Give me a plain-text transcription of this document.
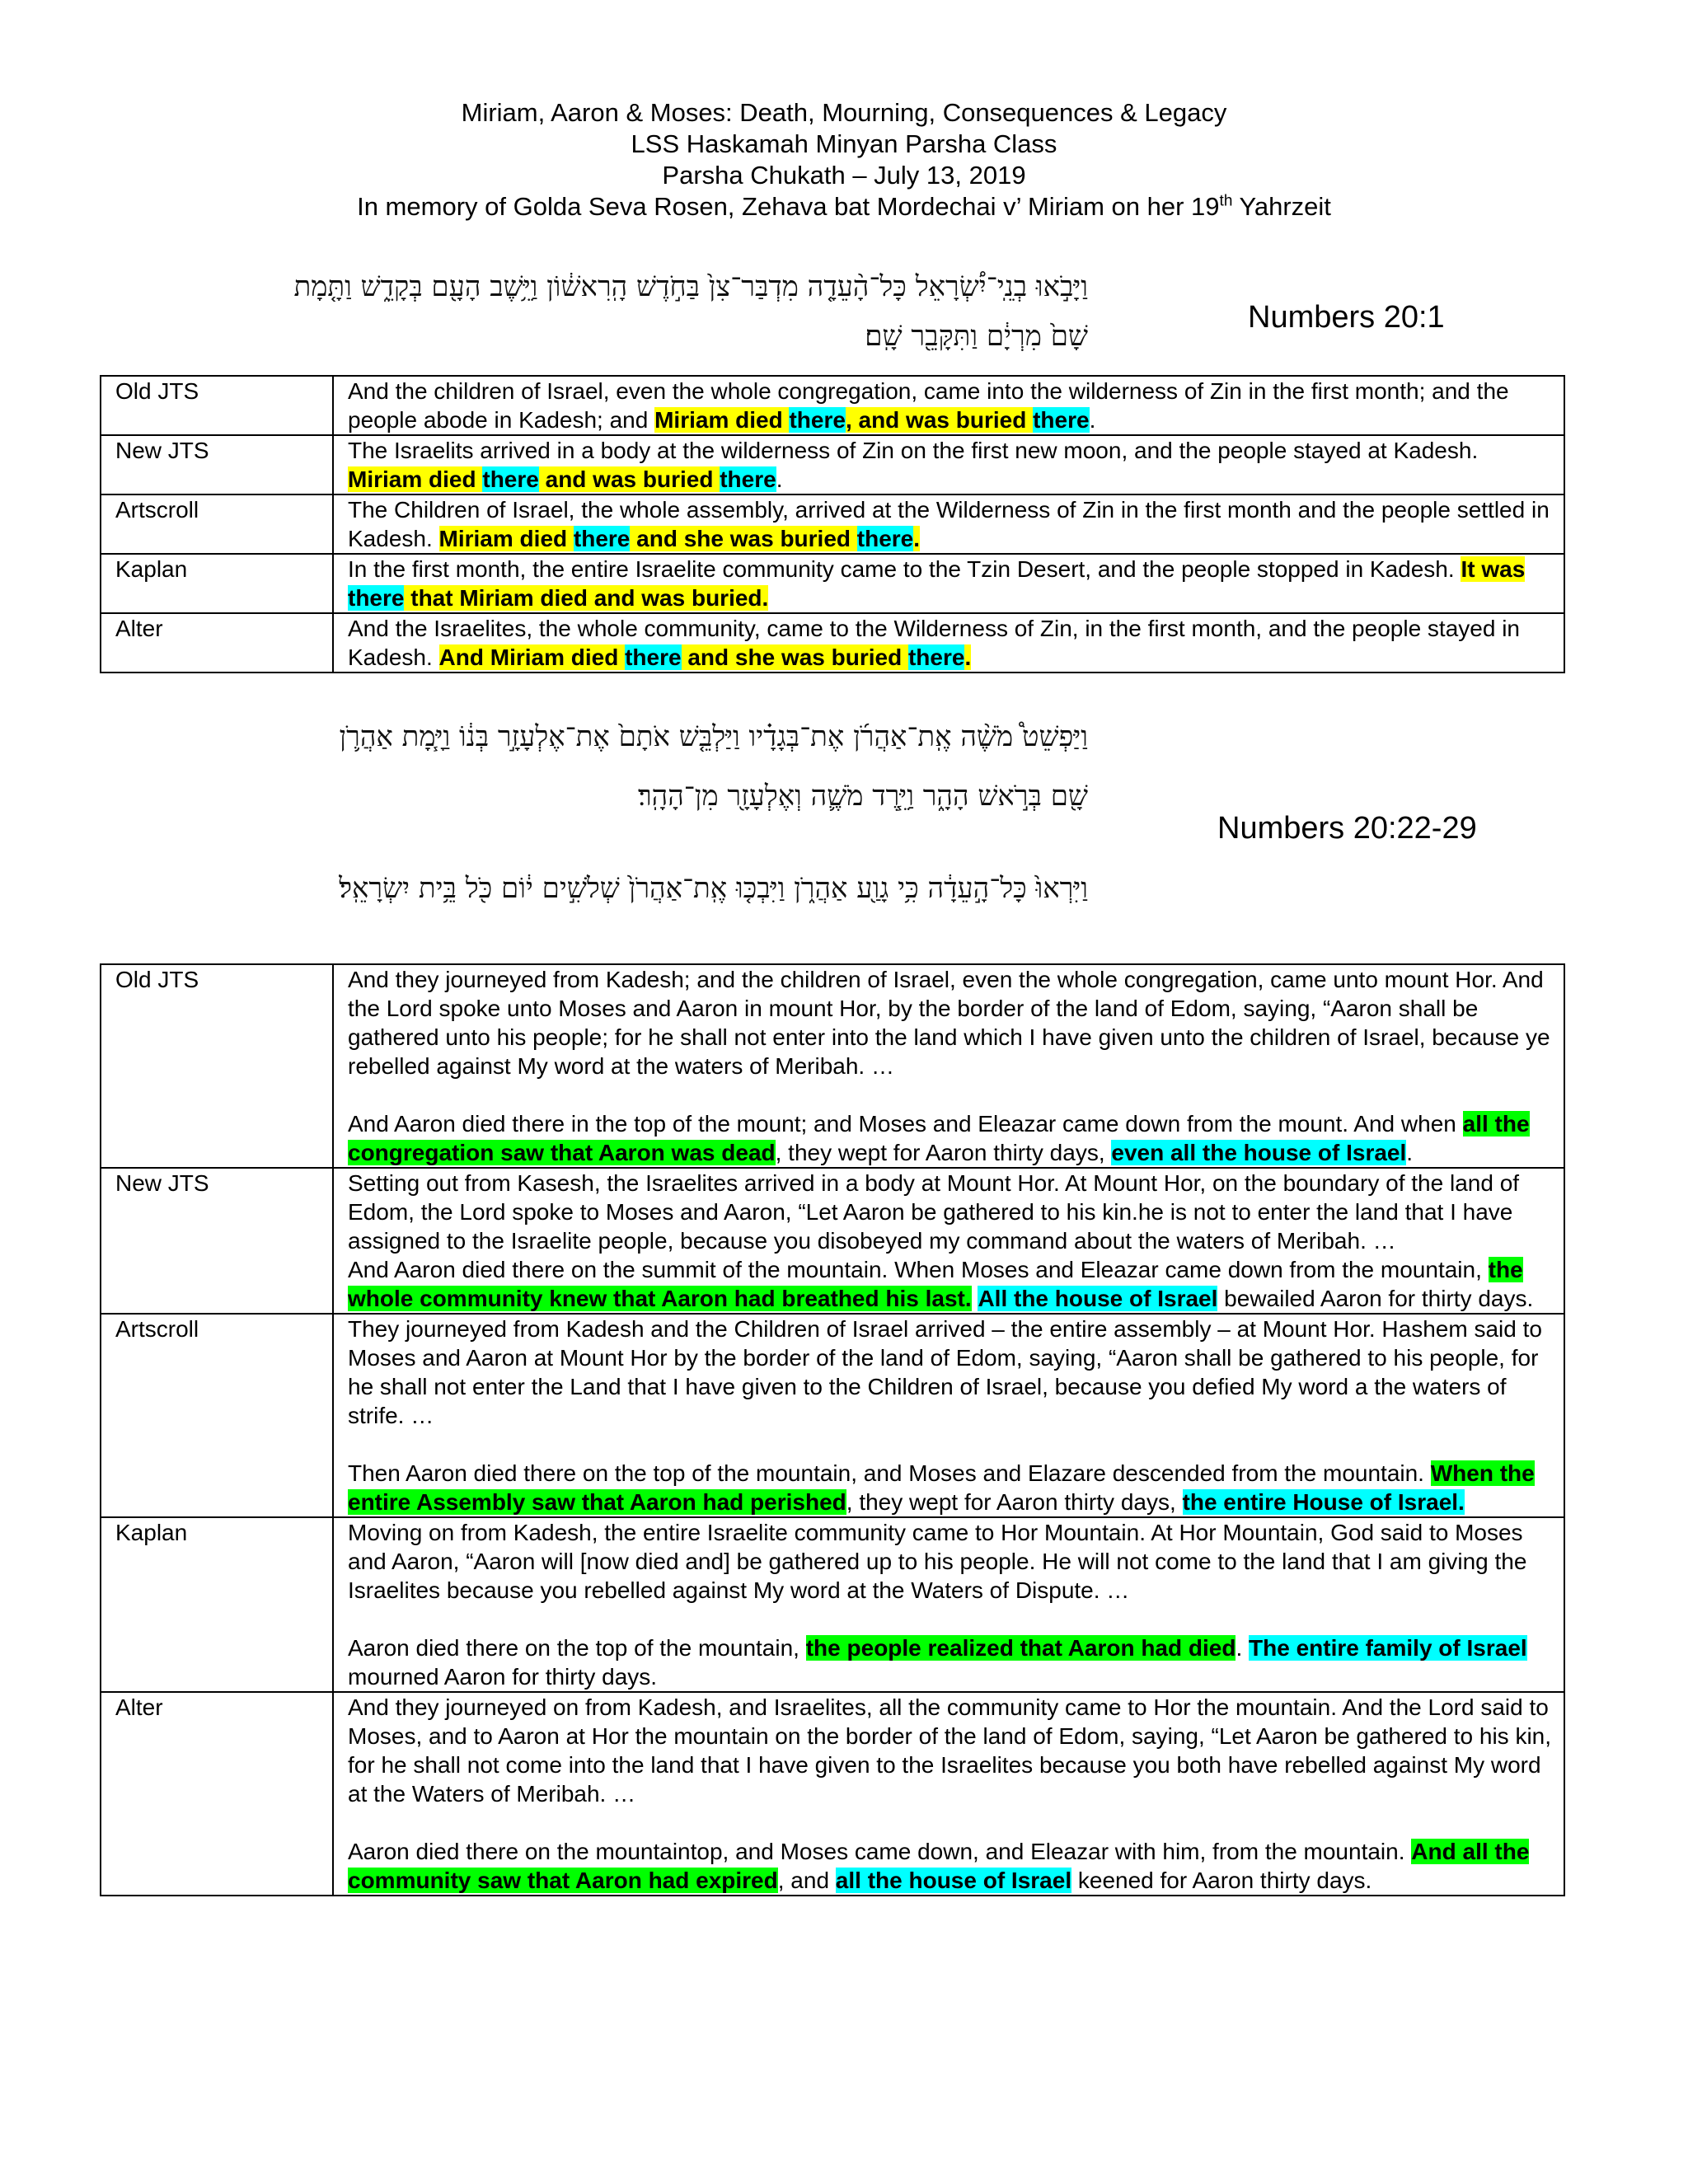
Miriam, Aaron & Moses: Death, Mourning, Consequences & Legacy
LSS Haskamah Minyan Parsha Class
Parsha Chukath – July 13, 2019
In memory of Golda Seva Rosen, Zehava bat Mordechai v’ Miriam on her 19th Yahrzeit
וַיָּבֹ֣אוּ בְנֵֽי־יִ֠שְׂרָאֵל כָּל־הָ֨עֵדָ֤ה מִדְבַּר־צִן֙ בַּחֹ֣דֶשׁ הָֽרִאשׁ֔וֹן וַיֵּ֥שֶׁב הָעָ֖ם בְּקָדֵ֑שׁ וַתָּ֤מָת
שָׁם֙ מִרְיָ֔ם וַתִּקָּבֵ֖ר שָֽׁם׃
Numbers 20:1
Old JTS	And the children of Israel, even the whole congregation, came into the wilderness of Zin in the first month; and the people abode in Kadesh; and Miriam died there, and was buried there.
New JTS	The Israelits arrived in a body at the wilderness of Zin on the first new moon, and the people stayed at Kadesh. Miriam died there and was buried there.
Artscroll	The Children of Israel, the whole assembly, arrived at the Wilderness of Zin in the first month and the people settled in Kadesh. Miriam died there and she was buried there.
Kaplan	In the first month, the entire Israelite community came to the Tzin Desert, and the people stopped in Kadesh. It was there that Miriam died and was buried.
Alter	And the Israelites, the whole community, came to the Wilderness of Zin, in the first month, and the people stayed in Kadesh. And Miriam died there and she was buried there.
וַיַּפְשֵׁט֩ מֹשֶׁ֨ה אֶֽת־אַהֲרֹ֜ן אֶת־בְּגָדָ֗יו וַיַּלְבֵּ֤שׁ אֹתָם֙ אֶת־אֶלְעָזָ֣ר בְּנ֔וֹ וַיָּ֧מָת אַהֲרֹ֛ן
שָׁ֖ם בְּרֹ֣אשׁ הָהָ֑ר וַיֵּ֧רֶד מֹשֶׁ֛ה וְאֶלְעָזָ֖ר מִן־הָהָֽר׃
וַיִּרְאוּ֙ כָּל־הָ֣עֵדָ֔ה כִּ֥י גָוַ֖ע אַהֲרֹ֑ן וַיִּבְכּ֤וּ אֶֽת־אַהֲרֹן֙ שְׁלֹשִׁ֣ים י֔וֹם כֹּ֖ל בֵּ֥ית יִשְׂרָאֵֽל׃
Numbers 20:22-29
Old JTS	And they journeyed from Kadesh; and the children of Israel, even the whole congregation, came unto mount Hor. And the Lord spoke unto Moses and Aaron in mount Hor, by the border of the land of Edom, saying, “Aaron shall be gathered unto his people; for he shall not enter into the land which I have given unto the children of Israel, because ye rebelled against My word at the waters of Meribah. …
And Aaron died there in the top of the mount; and Moses and Eleazar came down from the mount. And when all the congregation saw that Aaron was dead, they wept for Aaron thirty days, even all the house of Israel.

New JTS	Setting out from Kasesh, the Israelites arrived in a body at Mount Hor. At Mount Hor, on the boundary of the land of Edom, the Lord spoke to Moses and Aaron, “Let Aaron be gathered to his kin.he is not to enter the land that I have assigned to the Israelite people, because you disobeyed my command about the waters of Meribah. …
And Aaron died there on the summit of the mountain. When Moses and Eleazar came down from the mountain, the whole community knew that Aaron had breathed his last. All the house of Israel bewailed Aaron for thirty days.

Artscroll	They journeyed from Kadesh and the Children of Israel arrived – the entire assembly – at Mount Hor. Hashem said to Moses and Aaron at Mount Hor by the border of the land of Edom, saying, “Aaron shall be gathered to his people, for he shall not enter the Land that I have given to the Children of Israel, because you defied My word a the waters of strife. …
Then Aaron died there on the top of the mountain, and Moses and Elazare descended from the mountain. When the entire Assembly saw that Aaron had perished, they wept for Aaron thirty days, the entire House of Israel.

Kaplan	Moving on from Kadesh, the entire Israelite community came to Hor Mountain. At Hor Mountain, God said to Moses and Aaron, “Aaron will [now died and] be gathered up to his people. He will not come to the land that I am giving the Israelites because you rebelled against My word at the Waters of Dispute. …
Aaron died there on the top of the mountain, the people realized that Aaron had died. The entire family of Israel mourned Aaron for thirty days.

Alter	And they journeyed on from Kadesh, and Israelites, all the community came to Hor the mountain. And the Lord said to Moses, and to Aaron at Hor the mountain on the border of the land of Edom, saying, “Let Aaron be gathered to his kin, for he shall not come into the land that I have given to the Israelites because you both have rebelled against My word at the Waters of Meribah. …
Aaron died there on the mountaintop, and Moses came down, and Eleazar with him, from the mountain. And all the community saw that Aaron had expired, and all the house of Israel keened for Aaron thirty days.
